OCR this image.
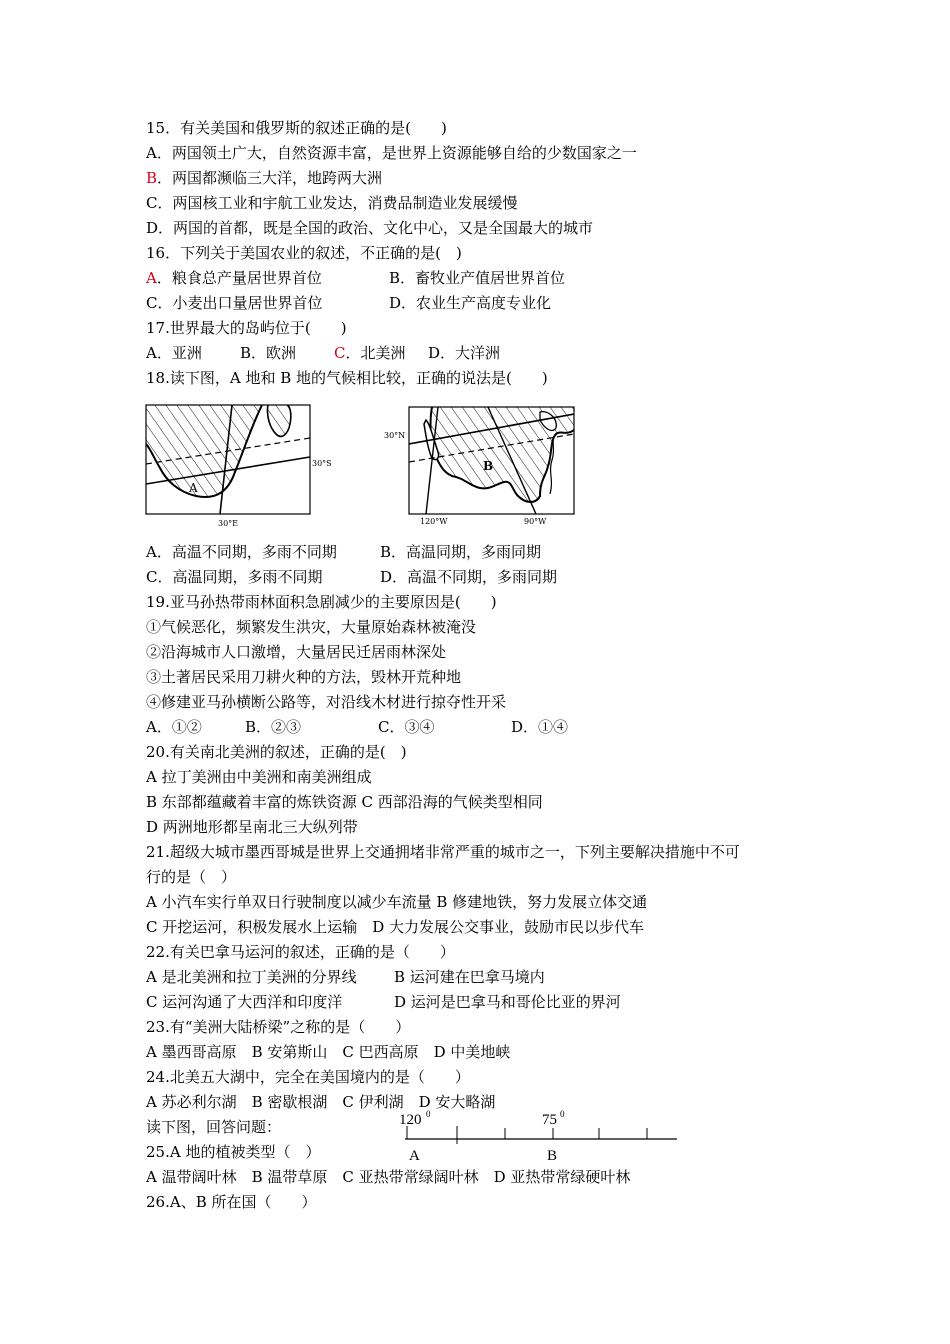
15．有关美国和俄罗斯的叙述正确的是(　　)
A．两国领土广大，自然资源丰富，是世界上资源能够自给的少数国家之一
B．两国都濒临三大洋，地跨两大洲
C．两国核工业和宇航工业发达，消费品制造业发展缓慢
D．两国的首都，既是全国的政治、文化中心，又是全国最大的城市
16．下列关于美国农业的叙述，不正确的是(　)
A．粮食总产量居世界首位	B．畜牧业产值居世界首位
C．小麦出口量居世界首位	D．农业生产高度专业化
17.世界最大的岛屿位于(　　)
A．亚洲	B．欧洲	C．北美洲 D．大洋洲
18.读下图，A 地和 B 地的气候相比较，正确的说法是(　　)
A
30°S
30°E
B
30°N
120°W	90°W
A．高温不同期，多雨不同期	B．高温同期，多雨同期
C．高温同期，多雨不同期	D．高温不同期，多雨同期
19.亚马孙热带雨林面积急剧减少的主要原因是(　　)
①气候恶化，频繁发生洪灾，大量原始森林被淹没
②沿海城市人口激增，大量居民迁居雨林深处
③土著居民采用刀耕火种的方法，毁林开荒种地
④修建亚马孙横断公路等，对沿线木材进行掠夺性开采
A．①②	B．②③	C．③④	D．①④
20.有关南北美洲的叙述，正确的是(　)
A 拉丁美洲由中美洲和南美洲组成
B 东部都蕴藏着丰富的炼铁资源 C 西部沿海的气候类型相同
D 两洲地形都呈南北三大纵列带
21.超级大城市墨西哥城是世界上交通拥堵非常严重的城市之一，下列主要解决措施中不可
行的是（　）
A 小汽车实行单双日行驶制度以减少车流量 B 修建地铁，努力发展立体交通
C 开挖运河，积极发展水上运输　D 大力发展公交事业，鼓励市民以步代车
22.有关巴拿马运河的叙述，正确的是（　　）
A 是北美洲和拉丁美洲的分界线 B 运河建在巴拿马境内
C 运河沟通了大西洋和印度洋	D 运河是巴拿马和哥伦比亚的界河
23.有“美洲大陆桥梁”之称的是（　　）
A 墨西哥高原　B 安第斯山　C 巴西高原　D 中美地峡
24.北美五大湖中，完全在美国境内的是（　　）
A 苏必利尔湖　B 密歇根湖　C 伊利湖　D 安大略湖
读下图，回答问题：	120 0	75 0
A	B
25.A 地的植被类型（　）
A 温带阔叶林　B 温带草原　C 亚热带常绿阔叶林　D 亚热带常绿硬叶林
26.A、B 所在国（　　）
